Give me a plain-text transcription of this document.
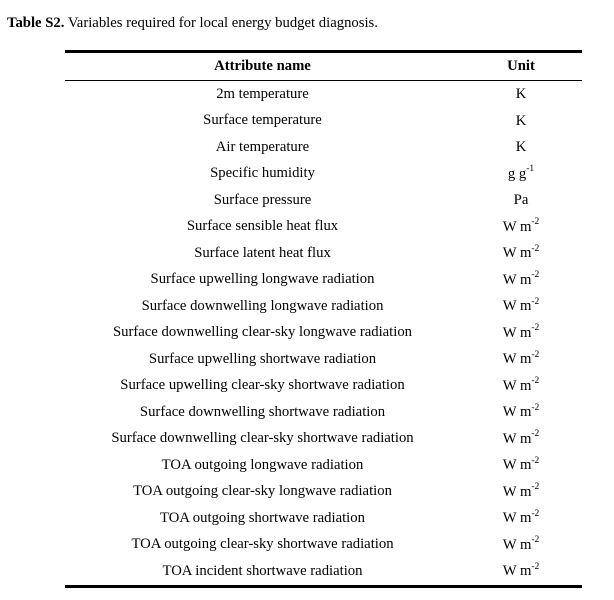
Table S2. Variables required for local energy budget diagnosis.
Attribute name	Unit
2m temperature	K
Surface temperature	K
Air temperature	K
Specific humidity	g $g^{-1}$
Surface pressure	Pa
Surface sensible heat flux	W $m^{-2}$
Surface latent heat flux	W $m^{-2}$
Surface upwelling longwave radiation	W $m^{-2}$
Surface downwelling longwave radiation	W $m^{-2}$
Surface downwelling clear-sky longwave radiation	W $m^{-2}$
Surface upwelling shortwave radiation	W $m^{-2}$
Surface upwelling clear-sky shortwave radiation	W $m^{-2}$
Surface downwelling shortwave radiation	W $m^{-2}$
Surface downwelling clear-sky shortwave radiation	W $m^{-2}$
TOA outgoing longwave radiation	W $m^{-2}$
TOA outgoing clear-sky longwave radiation	W $m^{-2}$
TOA outgoing shortwave radiation	W $m^{-2}$
TOA outgoing clear-sky shortwave radiation	W $m^{-2}$
TOA incident shortwave radiation	W $m^{-2}$
